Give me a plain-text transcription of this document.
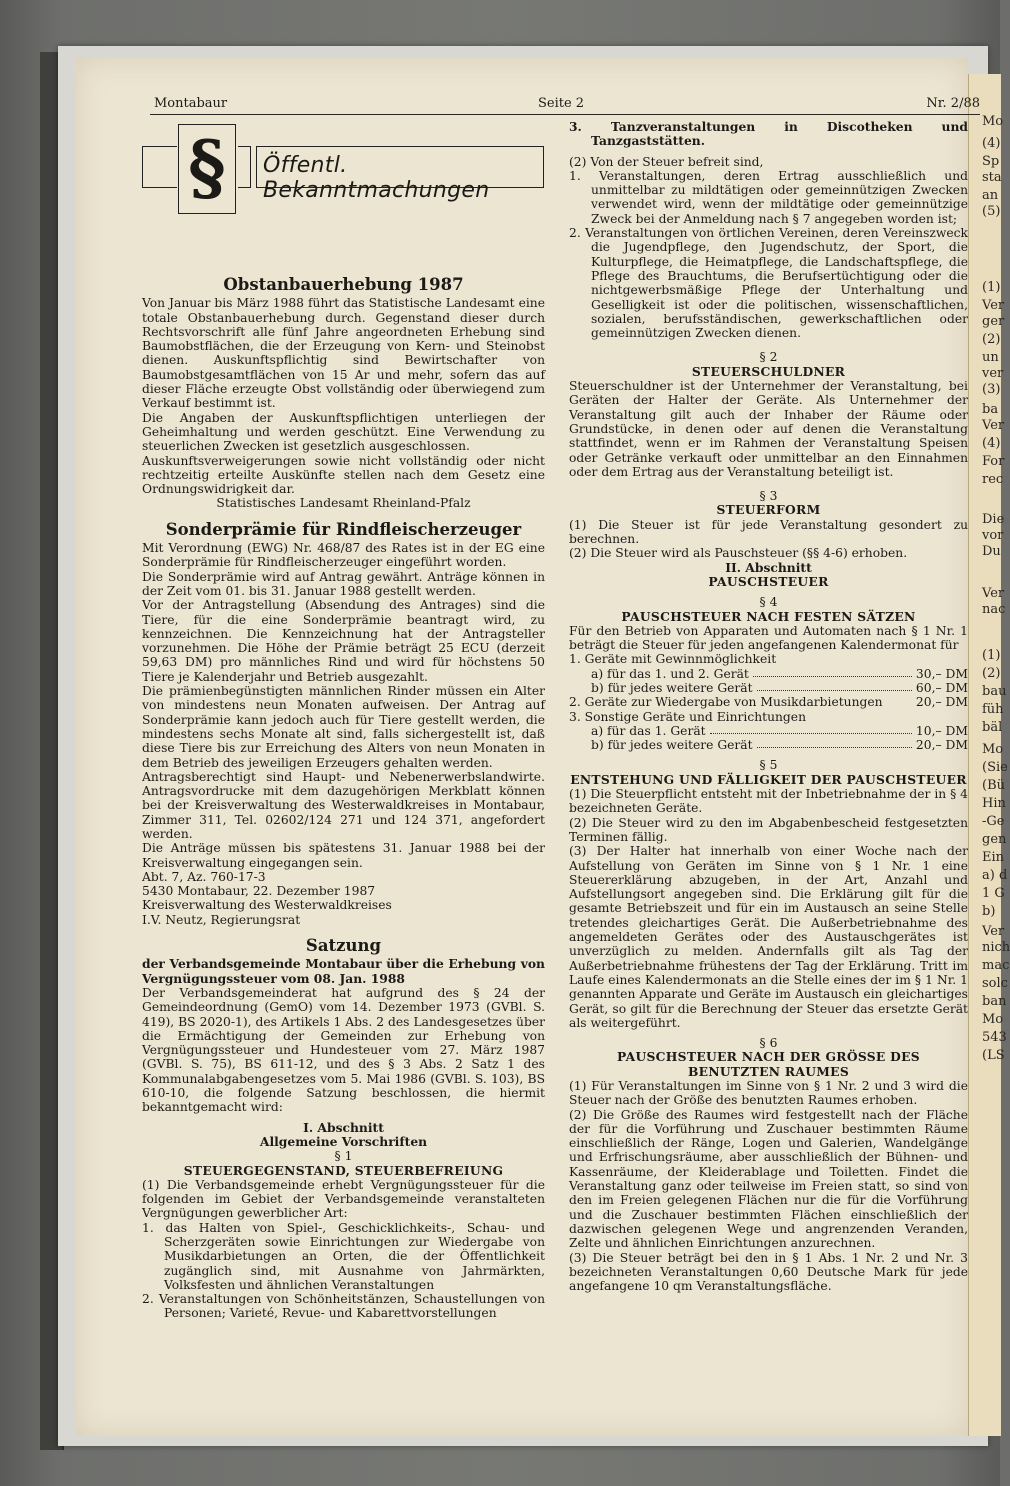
Mo
(4)
Sp
sta
an
(5)
(1)
Ver
ger
(2)
un
ver
(3)
ba
Ver
(4)
For
rec
Die
vor
Du
Ver
nac
(1)
(2)
bau
füh
bäl
Mo
(Sie
(Bü
Hin
-Ge
gen
Ein
a) d
1 G
b)
Ver
nich
mac
solc
ban
Mo
543
(LS
Montabaur	Seite 2	Nr. 2/88
§	Öffentl. Bekanntmachungen
Obstanbauerhebung 1987

Von Januar bis März 1988 führt das Statistische Landesamt eine totale Obstanbauerhebung durch. Gegenstand dieser durch Rechtsvorschrift alle fünf Jahre angeordneten Erhebung sind Baumobstflächen, die der Erzeugung von Kern- und Steinobst dienen. Auskunftspflichtig sind Bewirtschafter von Baumobstgesamtflächen von 15 Ar und mehr, sofern das auf dieser Fläche erzeugte Obst vollständig oder überwiegend zum Verkauf bestimmt ist.

Die Angaben der Auskunftspflichtigen unterliegen der Geheimhaltung und werden geschützt. Eine Verwendung zu steuerlichen Zwecken ist gesetzlich ausgeschlossen.

Auskunftsverweigerungen sowie nicht vollständig oder nicht rechtzeitig erteilte Auskünfte stellen nach dem Gesetz eine Ordnungswidrigkeit dar.

Statistisches Landesamt Rheinland-Pfalz

Sonderprämie für Rindfleischerzeuger

Mit Verordnung (EWG) Nr. 468/87 des Rates ist in der EG eine Sonderprämie für Rindfleischerzeuger eingeführt worden.

Die Sonderprämie wird auf Antrag gewährt. Anträge können in der Zeit vom 01. bis 31. Januar 1988 gestellt werden.

Vor der Antragstellung (Absendung des Antrages) sind die Tiere, für die eine Sonderprämie beantragt wird, zu kennzeichnen. Die Kennzeichnung hat der Antragsteller vorzunehmen. Die Höhe der Prämie beträgt 25 ECU (derzeit 59,63 DM) pro männliches Rind und wird für höchstens 50 Tiere je Kalenderjahr und Betrieb ausgezahlt.

Die prämienbegünstigten männlichen Rinder müssen ein Alter von mindestens neun Monaten aufweisen. Der Antrag auf Sonderprämie kann jedoch auch für Tiere gestellt werden, die mindestens sechs Monate alt sind, falls sichergestellt ist, daß diese Tiere bis zur Erreichung des Alters von neun Monaten in dem Betrieb des jeweiligen Erzeugers gehalten werden.

Antragsberechtigt sind Haupt- und Nebenerwerbslandwirte. Antragsvordrucke mit dem dazugehörigen Merkblatt können bei der Kreisverwaltung des Westerwaldkreises in Montabaur, Zimmer 311, Tel. 02602/124 271 und 124 371, angefordert werden.

Die Anträge müssen bis spätestens 31. Januar 1988 bei der Kreisverwaltung eingegangen sein.

Abt. 7, Az. 760-17-3

5430 Montabaur, 22. Dezember 1987

Kreisverwaltung des Westerwaldkreises

I.V. Neutz, Regierungsrat

Satzung

der Verbandsgemeinde Montabaur über die Erhebung von Vergnügungssteuer vom 08. Jan. 1988

Der Verbandsgemeinderat hat aufgrund des § 24 der Gemeindeordnung (GemO) vom 14. Dezember 1973 (GVBl. S. 419), BS 2020-1), des Artikels 1 Abs. 2 des Landesgesetzes über die Ermächtigung der Gemeinden zur Erhebung von Vergnügungssteuer und Hundesteuer vom 27. März 1987 (GVBl. S. 75), BS 611-12, und des § 3 Abs. 2 Satz 1 des Kommunalabgabengesetzes vom 5. Mai 1986 (GVBl. S. 103), BS 610-10, die folgende Satzung beschlossen, die hiermit bekanntgemacht wird:

I. Abschnitt

Allgemeine Vorschriften

§ 1

STEUERGEGENSTAND, STEUERBEFREIUNG

(1) Die Verbandsgemeinde erhebt Vergnügungssteuer für die folgenden im Gebiet der Verbandsgemeinde veranstalteten Vergnügungen gewerblicher Art:

1. das Halten von Spiel-, Geschicklichkeits-, Schau- und Scherzgeräten sowie Einrichtungen zur Wiedergabe von Musikdarbietungen an Orten, die der Öffentlichkeit zugänglich sind, mit Ausnahme von Jahrmärkten, Volksfesten und ähnlichen Veranstaltungen

2. Veranstaltungen von Schönheitstänzen, Schaustellungen von Personen; Varieté, Revue- und Kabarettvorstellungen

3. Tanzveranstaltungen in Discotheken und Tanzgaststätten.

(2) Von der Steuer befreit sind,

1. Veranstaltungen, deren Ertrag ausschließlich und unmittelbar zu mildtätigen oder gemeinnützigen Zwecken verwendet wird, wenn der mildtätige oder gemeinnützige Zweck bei der Anmeldung nach § 7 angegeben worden ist;

2. Veranstaltungen von örtlichen Vereinen, deren Vereinszweck die Jugendpflege, den Jugendschutz, der Sport, die Kulturpflege, die Heimatpflege, die Landschaftspflege, die Pflege des Brauchtums, die Berufsertüchtigung oder die nichtgewerbsmäßige Pflege der Unterhaltung und Geselligkeit ist oder die politischen, wissenschaftlichen, sozialen, berufsständischen, gewerkschaftlichen oder gemeinnützigen Zwecken dienen.

§ 2

STEUERSCHULDNER

Steuerschuldner ist der Unternehmer der Veranstaltung, bei Geräten der Halter der Geräte. Als Unternehmer der Veranstaltung gilt auch der Inhaber der Räume oder Grundstücke, in denen oder auf denen die Veranstaltung stattfindet, wenn er im Rahmen der Veranstaltung Speisen oder Getränke verkauft oder unmittelbar an den Einnahmen oder dem Ertrag aus der Veranstaltung beteiligt ist.

§ 3

STEUERFORM

(1) Die Steuer ist für jede Veranstaltung gesondert zu berechnen.

(2) Die Steuer wird als Pauschsteuer (§§ 4-6) erhoben.

II. Abschnitt

PAUSCHSTEUER

§ 4

PAUSCHSTEUER NACH FESTEN SÄTZEN

Für den Betrieb von Apparaten und Automaten nach § 1 Nr. 1 beträgt die Steuer für jeden angefangenen Kalendermonat für

1. Geräte mit Gewinnmöglichkeit

a) für das 1. und 2. Gerät	30,– DM
b) für jedes weitere Gerät	60,– DM
2. Geräte zur Wiedergabe von Musikdarbietungen	20,– DM

3. Sonstige Geräte und Einrichtungen

a) für das 1. Gerät	10,– DM
b) für jedes weitere Gerät	20,– DM

§ 5

ENTSTEHUNG UND FÄLLIGKEIT DER PAUSCHSTEUER

(1) Die Steuerpflicht entsteht mit der Inbetriebnahme der in § 4 bezeichneten Geräte.

(2) Die Steuer wird zu den im Abgabenbescheid festgesetzten Terminen fällig.

(3) Der Halter hat innerhalb von einer Woche nach der Aufstellung von Geräten im Sinne von § 1 Nr. 1 eine Steuererklärung abzugeben, in der Art, Anzahl und Aufstellungsort angegeben sind. Die Erklärung gilt für die gesamte Betriebszeit und für ein im Austausch an seine Stelle tretendes gleichartiges Gerät. Die Außerbetriebnahme des angemeldeten Gerätes oder des Austauschgerätes ist unverzüglich zu melden. Andernfalls gilt als Tag der Außerbetriebnahme frühestens der Tag der Erklärung. Tritt im Laufe eines Kalendermonats an die Stelle eines der im § 1 Nr. 1 genannten Apparate und Geräte im Austausch ein gleichartiges Gerät, so gilt für die Berechnung der Steuer das ersetzte Gerät als weitergeführt.

§ 6

PAUSCHSTEUER NACH DER GRÖSSE DES BENUTZTEN RAUMES

(1) Für Veranstaltungen im Sinne von § 1 Nr. 2 und 3 wird die Steuer nach der Größe des benutzten Raumes erhoben.

(2) Die Größe des Raumes wird festgestellt nach der Fläche der für die Vorführung und Zuschauer bestimmten Räume einschließlich der Ränge, Logen und Galerien, Wandelgänge und Erfrischungsräume, aber ausschließlich der Bühnen- und Kassenräume, der Kleiderablage und Toiletten. Findet die Veranstaltung ganz oder teilweise im Freien statt, so sind von den im Freien gelegenen Flächen nur die für die Vorführung und die Zuschauer bestimmten Flächen einschließlich der dazwischen gelegenen Wege und angrenzenden Veranden, Zelte und ähnlichen Einrichtungen anzurechnen.

(3) Die Steuer beträgt bei den in § 1 Abs. 1 Nr. 2 und Nr. 3 bezeichneten Veranstaltungen 0,60 Deutsche Mark für jede angefangene 10 qm Veranstaltungsfläche.
